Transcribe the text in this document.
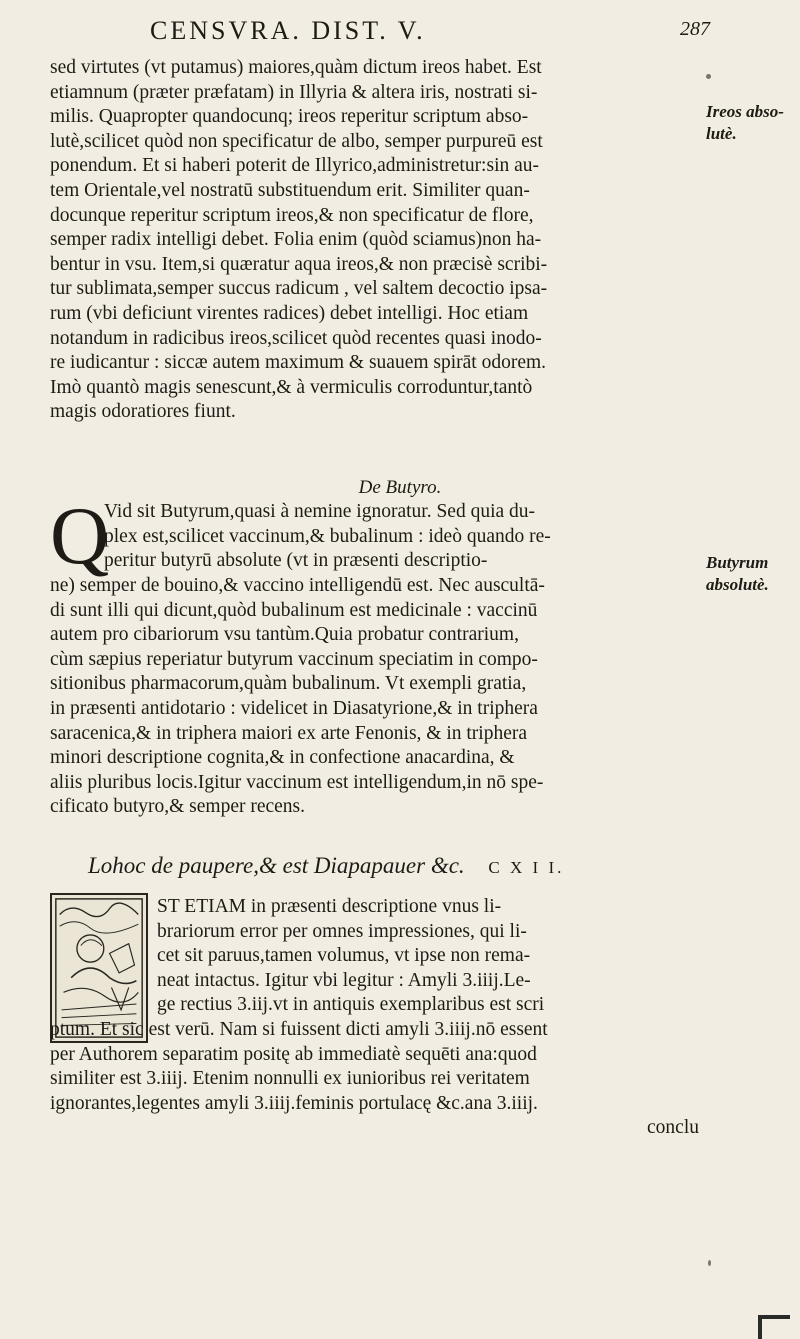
CENSVRA. DIST. V.	287
sed virtutes (vt putamus) maiores,quàm dictum ireos habet. Est
etiamnum (præter præfatam) in Illyria & altera iris, nostrati si-
milis. Quapropter quandocunq; ireos reperitur scriptum abso-
lutè,scilicet quòd non specificatur de albo, semper purpureū est
ponendum. Et si haberi poterit de Illyrico,administretur:sin au-
tem Orientale,vel nostratū substituendum erit. Similiter quan-
docunque reperitur scriptum ireos,& non specificatur de flore,
semper radix intelligi debet. Folia enim (quòd sciamus)non ha-
bentur in vsu. Item,si quæratur aqua ireos,& non præcisè scribi-
tur sublimata,semper succus radicum , vel saltem decoctio ipsa-
rum (vbi deficiunt virentes radices) debet intelligi. Hoc etiam
notandum in radicibus ireos,scilicet quòd recentes quasi inodo-
re iudicantur : siccæ autem maximum & suauem spirāt odorem.
Imò quantò magis senescunt,& à vermiculis corroduntur,tantò
magis odoratiores fiunt.
Ireos abso-
lutè.
De Butyro.
Q
Vid sit Butyrum,quasi à nemine ignoratur. Sed quia du-
plex est,scilicet vaccinum,& bubalinum : ideò quando re-
peritur butyrū absolute (vt in præsenti descriptio-
ne) semper de bouino,& vaccino intelligendū est. Nec auscultā-
di sunt illi qui dicunt,quòd bubalinum est medicinale : vaccinū
autem pro cibariorum vsu tantùm.Quia probatur contrarium,
cùm sæpius reperiatur butyrum vaccinum speciatim in compo-
sitionibus pharmacorum,quàm bubalinum. Vt exempli gratia,
in præsenti antidotario : videlicet in Diasatyrione,& in triphera
saracenica,& in triphera maiori ex arte Fenonis, & in triphera
minori descriptione cognita,& in confectione anacardina, &
aliis pluribus locis.Igitur vaccinum est intelligendum,in nō spe-
cificato butyro,& semper recens.
Butyrum
absolutè.
Lohoc de paupere,& est Diapapauer &c. C X I I.
ST ETIAM in præsenti descriptione vnus li-
brariorum error per omnes impressiones, qui li-
cet sit paruus,tamen volumus, vt ipse non rema-
neat intactus. Igitur vbi legitur : Amyli 3.iiij.Le-
ge rectius 3.iij.vt in antiquis exemplaribus est scri
ptum. Et sic est verū. Nam si fuissent dicti amyli 3.iiij.nō essent
per Authorem separatim positę ab immediatè sequēti ana:quod
similiter est 3.iiij. Etenim nonnulli ex iunioribus rei veritatem
ignorantes,legentes amyli 3.iiij.feminis portulacę &c.ana 3.iiij.
conclu
